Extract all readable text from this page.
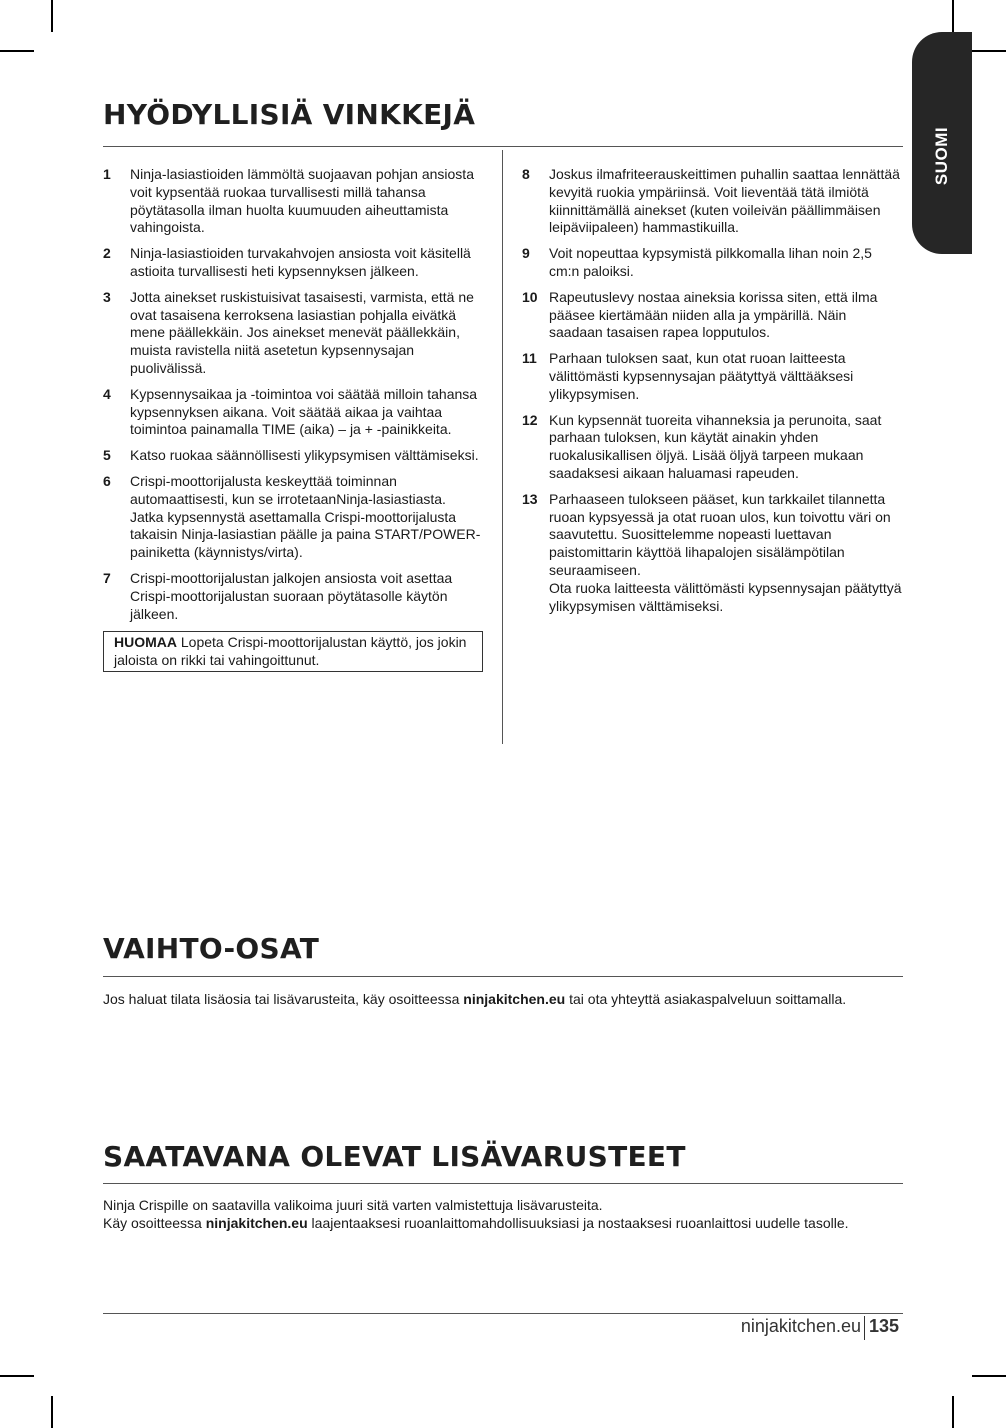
SUOMI
HYÖDYLLISIÄ VINKKEJÄ
1	Ninja-lasiastioiden lämmöltä suojaavan pohjan ansiosta voit kypsentää ruokaa turvallisesti millä tahansa pöytätasolla ilman huolta kuumuuden aiheuttamista vahingoista.
2	Ninja-lasiastioiden turvakahvojen ansiosta voit käsitellä astioita turvallisesti heti kypsennyksen jälkeen.
3	Jotta ainekset ruskistuisivat tasaisesti, varmista, että ne ovat tasaisena kerroksena lasiastian pohjalla eivätkä mene päällekkäin. Jos ainekset menevät päällekkäin, muista ravistella niitä asetetun kypsennysajan puolivälissä.
4	Kypsennysaikaa ja -toimintoa voi säätää milloin tahansa kypsennyksen aikana. Voit säätää aikaa ja vaihtaa toimintoa painamalla TIME (aika) – ja + -painikkeita.
5	Katso ruokaa säännöllisesti ylikypsymisen välttämiseksi.
6	Crispi-moottorijalusta keskeyttää toiminnan automaattisesti, kun se irrotetaanNinja-lasiastiasta. Jatka kypsennystä asettamalla Crispi-moottorijalusta takaisin Ninja-lasiastian päälle ja paina START/POWER-painiketta (käynnistys/virta).
7	Crispi-moottorijalustan jalkojen ansiosta voit asettaa Crispi-moottorijalustan suoraan pöytätasolle käytön jälkeen.
HUOMAA Lopeta Crispi-moottorijalustan käyttö, jos jokin jaloista on rikki tai vahingoittunut.
8	Joskus ilmafriteerauskeittimen puhallin saattaa lennättää kevyitä ruokia ympäriinsä. Voit lieventää tätä ilmiötä kiinnittämällä ainekset (kuten voileivän päällimmäisen leipäviipaleen) hammastikuilla.
9	Voit nopeuttaa kypsymistä pilkkomalla lihan noin 2,5 cm:n paloiksi.
10 Rapeutuslevy nostaa aineksia korissa siten, että ilma pääsee kiertämään niiden alla ja ympärillä. Näin saadaan tasaisen rapea lopputulos.
11 Parhaan tuloksen saat, kun otat ruoan laitteesta välittömästi kypsennysajan päätyttyä välttääksesi ylikypsymisen.
12 Kun kypsennät tuoreita vihanneksia ja perunoita, saat parhaan tuloksen, kun käytät ainakin yhden ruokalusikallisen öljyä. Lisää öljyä tarpeen mukaan saadaksesi aikaan haluamasi rapeuden.
13 Parhaaseen tulokseen pääset, kun tarkkailet tilannetta ruoan kypsyessä ja otat ruoan ulos, kun toivottu väri on saavutettu. Suosittelemme nopeasti luettavan paistomittarin käyttöä lihapalojen sisälämpötilan seuraamiseen.
Ota ruoka laitteesta välittömästi kypsennysajan päätyttyä ylikypsymisen välttämiseksi.
VAIHTO-OSAT

Jos haluat tilata lisäosia tai lisävarusteita, käy osoitteessa ninjakitchen.eu tai ota yhteyttä asiakaspalveluun soittamalla.

SAATAVANA OLEVAT LISÄVARUSTEET

Ninja Crispille on saatavilla valikoima juuri sitä varten valmistettuja lisävarusteita.
Käy osoitteessa ninjakitchen.eu laajentaaksesi ruoanlaittomahdollisuuksiasi ja nostaaksesi ruoanlaittosi uudelle tasolle.

ninjakitchen.eu 135
